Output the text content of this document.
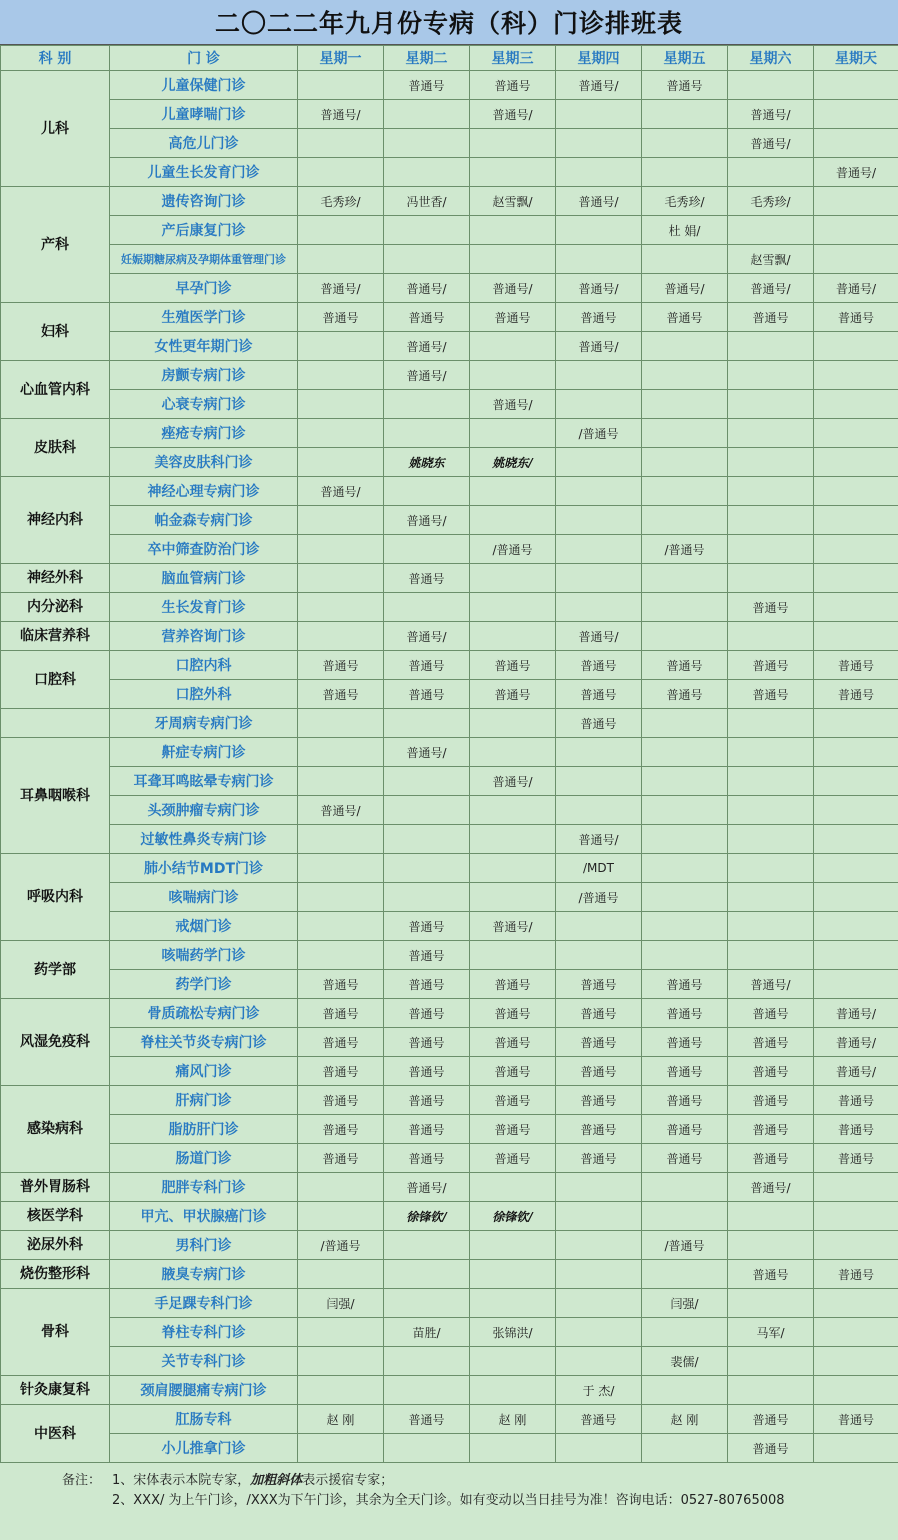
二〇二二年九月份专病（科）门诊排班表
科 别	门 诊	星期一	星期二	星期三	星期四	星期五	星期六	星期天
儿科	儿童保健门诊		普通号	普通号	普通号/	普通号		
	儿童哮喘门诊	普通号/		普通号/			普通号/	
	高危儿门诊						普通号/	
	儿童生长发育门诊							普通号/
产科	遗传咨询门诊	毛秀珍/	冯世香/	赵雪飘/	普通号/	毛秀珍/	毛秀珍/	
	产后康复门诊					杜 娟/		
	妊娠期糖尿病及孕期体重管理门诊						赵雪飘/	
	早孕门诊	普通号/	普通号/	普通号/	普通号/	普通号/	普通号/	普通号/
妇科	生殖医学门诊	普通号	普通号	普通号	普通号	普通号	普通号	普通号
	女性更年期门诊		普通号/		普通号/			
心血管内科	房颤专病门诊		普通号/					
	心衰专病门诊			普通号/				
皮肤科	痤疮专病门诊				/普通号			
	美容皮肤科门诊		姚晓东	姚晓东/				
神经内科	神经心理专病门诊	普通号/						
	帕金森专病门诊		普通号/					
	卒中筛查防治门诊			/普通号		/普通号		
神经外科	脑血管病门诊		普通号					
内分泌科	生长发育门诊						普通号	
临床营养科	营养咨询门诊		普通号/		普通号/			
口腔科	口腔内科	普通号	普通号	普通号	普通号	普通号	普通号	普通号
	口腔外科	普通号	普通号	普通号	普通号	普通号	普通号	普通号
	牙周病专病门诊				普通号			
耳鼻咽喉科	鼾症专病门诊		普通号/					
	耳聋耳鸣眩晕专病门诊			普通号/				
	头颈肿瘤专病门诊	普通号/						
	过敏性鼻炎专病门诊				普通号/			
呼吸内科	肺小结节MDT门诊				/MDT			
	咳喘病门诊				/普通号			
	戒烟门诊		普通号	普通号/				
药学部	咳喘药学门诊		普通号					
	药学门诊	普通号	普通号	普通号	普通号	普通号	普通号/	
风湿免疫科	骨质疏松专病门诊	普通号	普通号	普通号	普通号	普通号	普通号	普通号/
	脊柱关节炎专病门诊	普通号	普通号	普通号	普通号	普通号	普通号	普通号/
	痛风门诊	普通号	普通号	普通号	普通号	普通号	普通号	普通号/
感染病科	肝病门诊	普通号	普通号	普通号	普通号	普通号	普通号	普通号
	脂肪肝门诊	普通号	普通号	普通号	普通号	普通号	普通号	普通号
	肠道门诊	普通号	普通号	普通号	普通号	普通号	普通号	普通号
普外胃肠科	肥胖专科门诊		普通号/				普通号/	
核医学科	甲亢、甲状腺癌门诊		徐锋钦/	徐锋钦/				
泌尿外科	男科门诊	/普通号				/普通号		
烧伤整形科	腋臭专病门诊						普通号	普通号
骨科	手足踝专科门诊	闫强/				闫强/		
	脊柱专科门诊		苗胜/	张锦洪/			马军/	
	关节专科门诊					裴儒/		
针灸康复科	颈肩腰腿痛专病门诊				于 杰/			
中医科	肛肠专科	赵 刚	普通号	赵 刚	普通号	赵 刚	普通号	普通号
	小儿推拿门诊						普通号	
备注： 1、宋体表示本院专家，加粗斜体表示援宿专家；
2、XXX/ 为上午门诊，/XXX为下午门诊，其余为全天门诊。如有变动以当日挂号为准！咨询电话：0527-80765008
